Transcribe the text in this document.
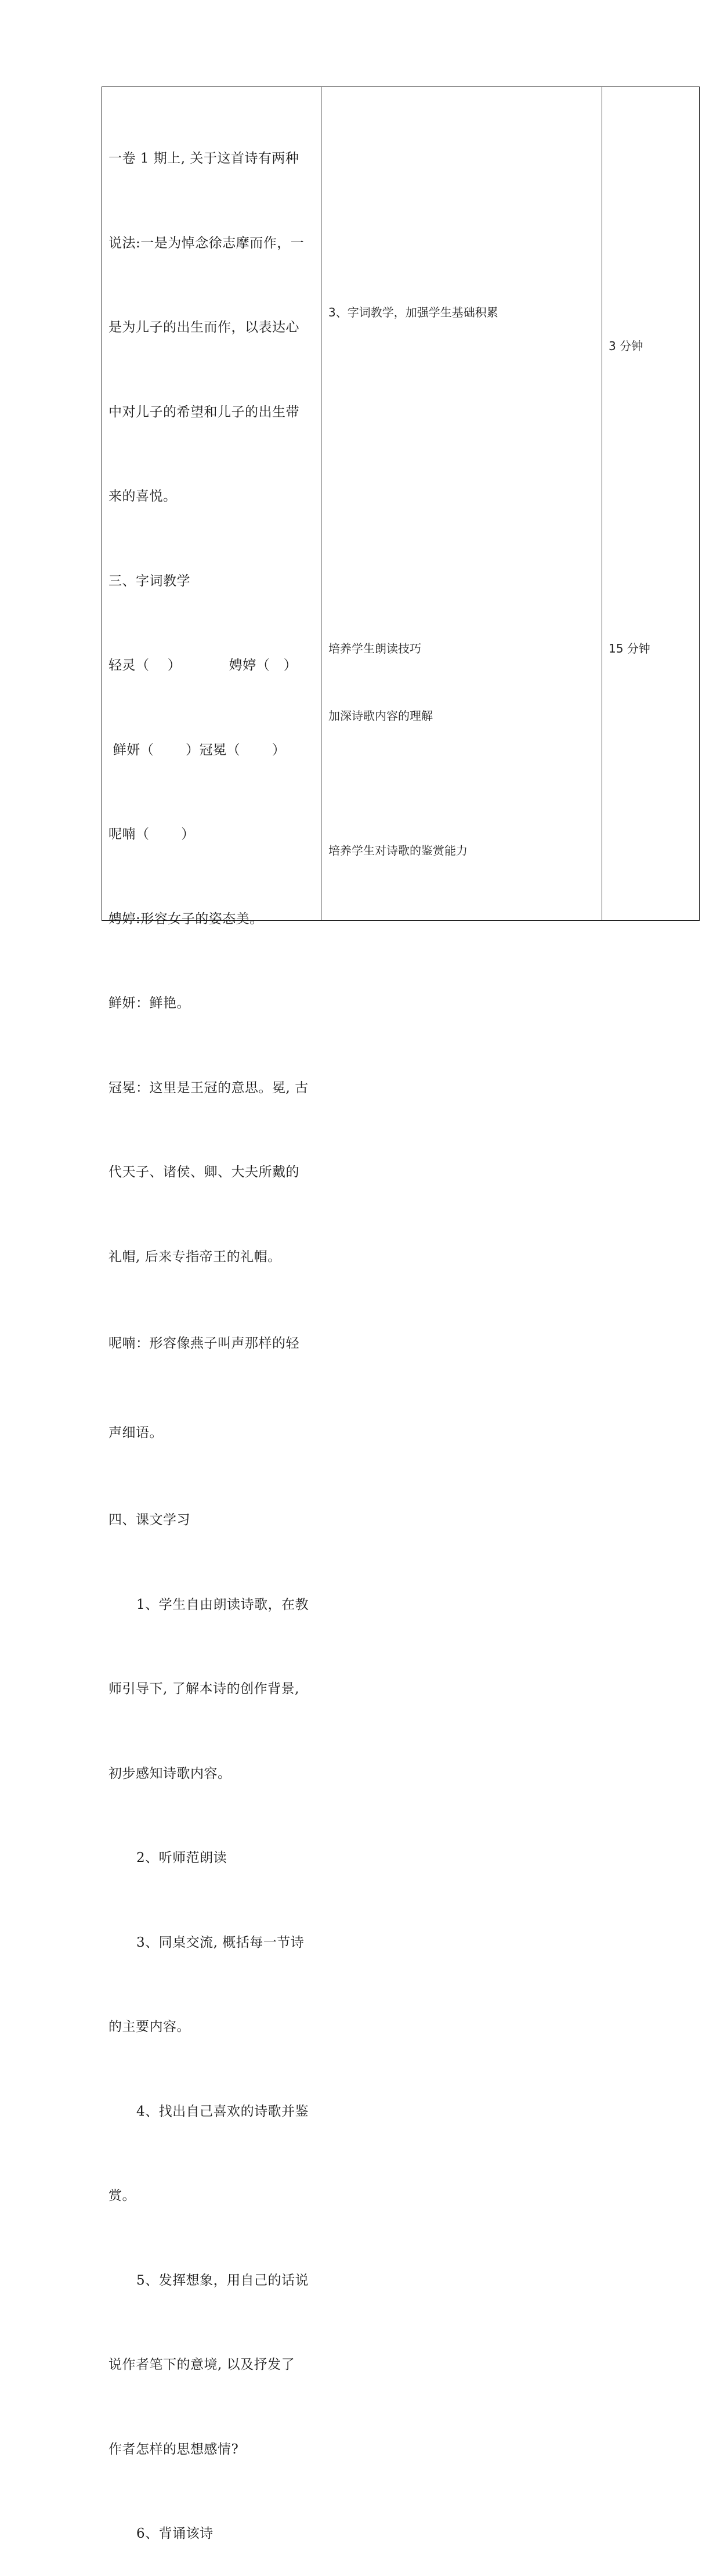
一卷 1 期上, 关于这首诗有两种

说法:一是为悼念徐志摩而作，一

是为儿子的出生而作，以表达心

中对儿子的希望和儿子的出生带

来的喜悦。

三、字词教学

轻灵（　 ）　　　　娉婷（　）

鲜妍（　　 ）冠冕（　　 ）

呢喃（　　 ）

娉婷:形容女子的姿态美。

鲜妍：鲜艳。

冠冕：这里是王冠的意思。冕, 古

代天子、诸侯、卿、大夫所戴的

礼帽, 后来专指帝王的礼帽。

呢喃：形容像燕子叫声那样的轻

声细语。

四、课文学习

1、学生自由朗读诗歌，在教

师引导下, 了解本诗的创作背景,

初步感知诗歌内容。

2、听师范朗读

3、同桌交流, 概括每一节诗

的主要内容。

4、找出自己喜欢的诗歌并鉴

赏。

5、发挥想象，用自己的话说

说作者笔下的意境, 以及抒发了

作者怎样的思想感情?

6、背诵该诗

3、字词教学，加强学生基础积累
培养学生朗读技巧
加深诗歌内容的理解
培养学生对诗歌的鉴赏能力
3 分钟
15 分钟
